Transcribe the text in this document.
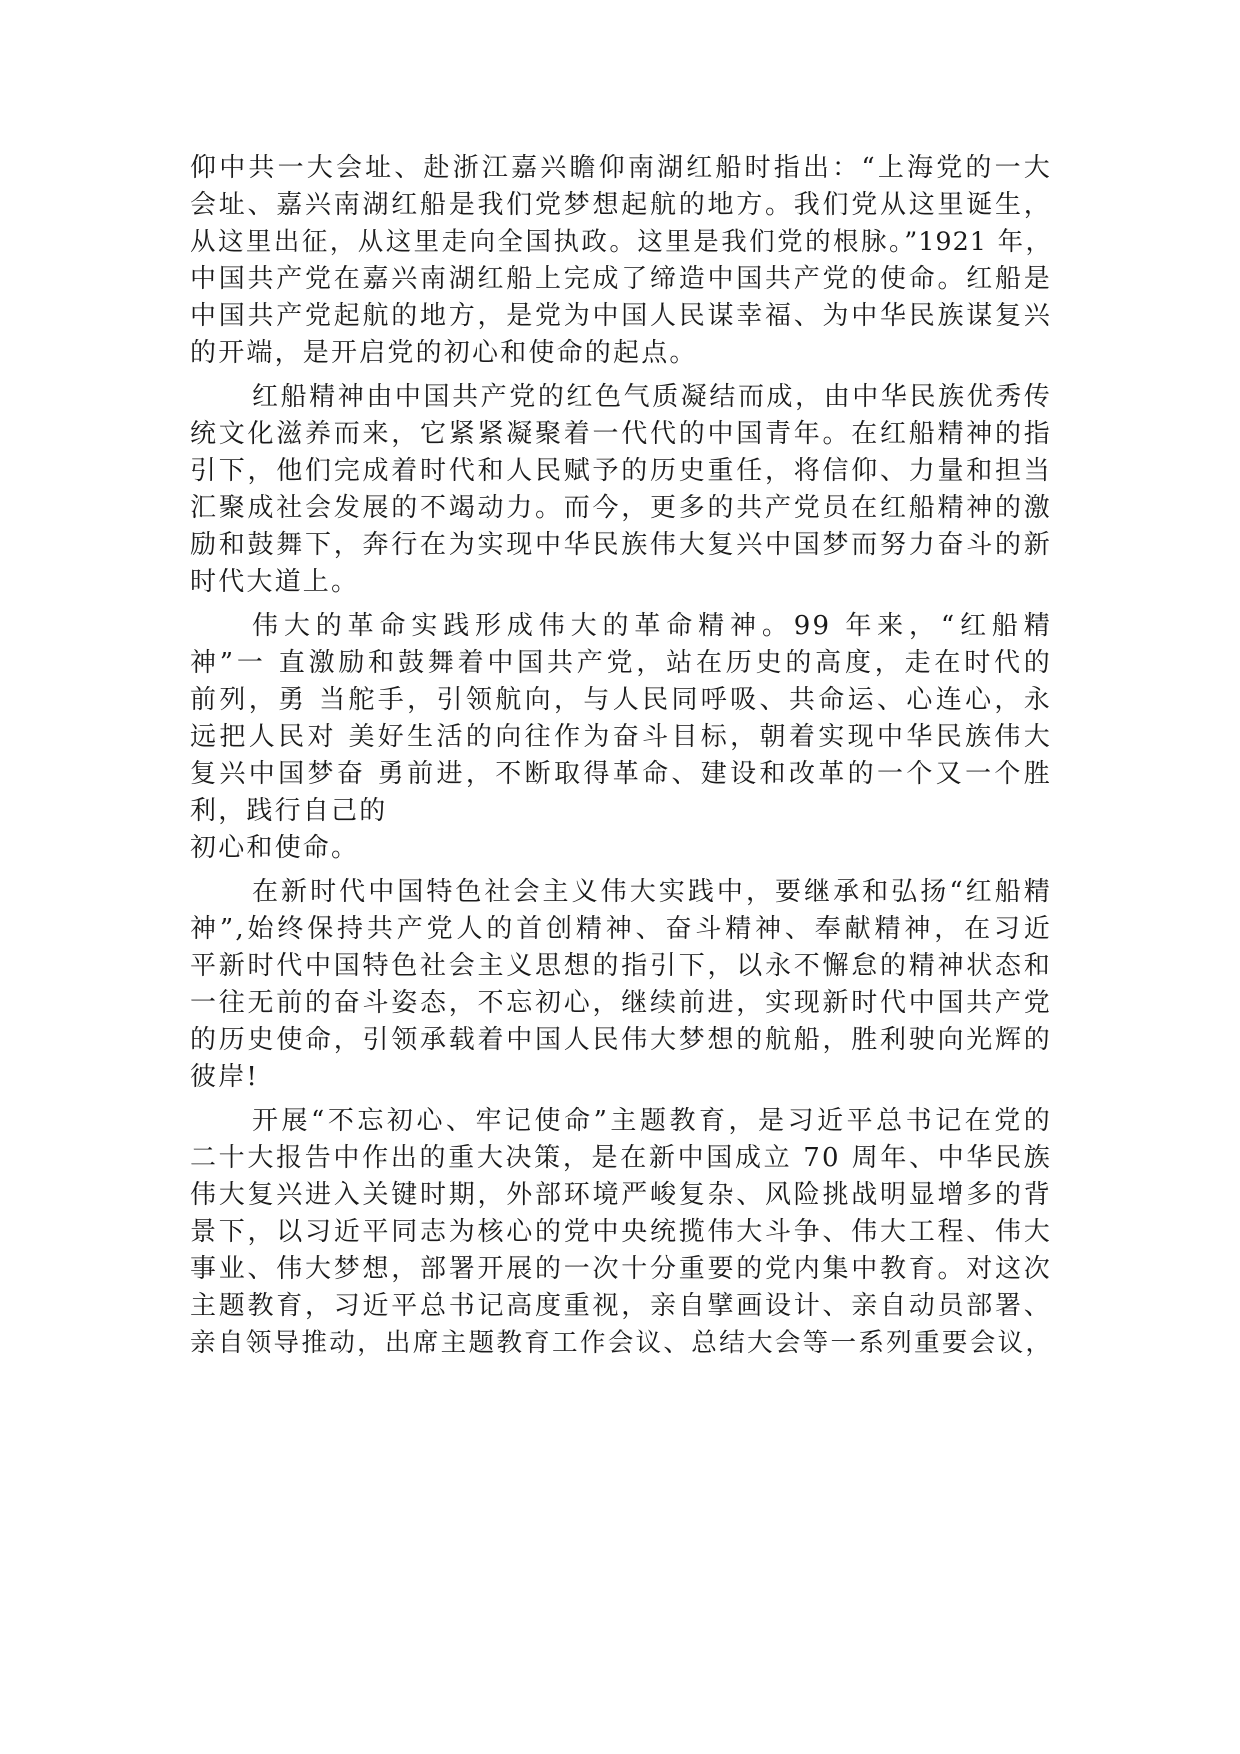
仰中共一大会址、赴浙江嘉兴瞻仰南湖红船时指出：“上海党的一大
会址、嘉兴南湖红船是我们党梦想起航的地方。我们党从这里诞生，
从这里出征，从这里走向全国执政。这里是我们党的根脉。”1921 年，
中国共产党在嘉兴南湖红船上完成了缔造中国共产党的使命。红船是
中国共产党起航的地方，是党为中国人民谋幸福、为中华民族谋复兴
的开端，是开启党的初心和使命的起点。
红船精神由中国共产党的红色气质凝结而成，由中华民族优秀传
统文化滋养而来，它紧紧凝聚着一代代的中国青年。在红船精神的指
引下，他们完成着时代和人民赋予的历史重任，将信仰、力量和担当
汇聚成社会发展的不竭动力。而今，更多的共产党员在红船精神的激
励和鼓舞下，奔行在为实现中华民族伟大复兴中国梦而努力奋斗的新
时代大道上。
伟大的革命实践形成伟大的革命精神。99 年来，“红船精
神”一 直激励和鼓舞着中国共产党，站在历史的高度，走在时代的
前列，勇 当舵手，引领航向，与人民同呼吸、共命运、心连心，永
远把人民对 美好生活的向往作为奋斗目标，朝着实现中华民族伟大
复兴中国梦奋 勇前进，不断取得革命、建设和改革的一个又一个胜
利，践行自己的
初心和使命。
在新时代中国特色社会主义伟大实践中，要继承和弘扬“红船精
神”,始终保持共产党人的首创精神、奋斗精神、奉献精神，在习近
平新时代中国特色社会主义思想的指引下，以永不懈怠的精神状态和
一往无前的奋斗姿态，不忘初心，继续前进，实现新时代中国共产党
的历史使命，引领承载着中国人民伟大梦想的航船，胜利驶向光辉的
彼岸!
开展“不忘初心、牢记使命”主题教育，是习近平总书记在党的
二十大报告中作出的重大决策，是在新中国成立 70 周年、中华民族
伟大复兴进入关键时期，外部环境严峻复杂、风险挑战明显增多的背
景下，以习近平同志为核心的党中央统揽伟大斗争、伟大工程、伟大
事业、伟大梦想，部署开展的一次十分重要的党内集中教育。对这次
主题教育，习近平总书记高度重视，亲自擘画设计、亲自动员部署、
亲自领导推动，出席主题教育工作会议、总结大会等一系列重要会议，
